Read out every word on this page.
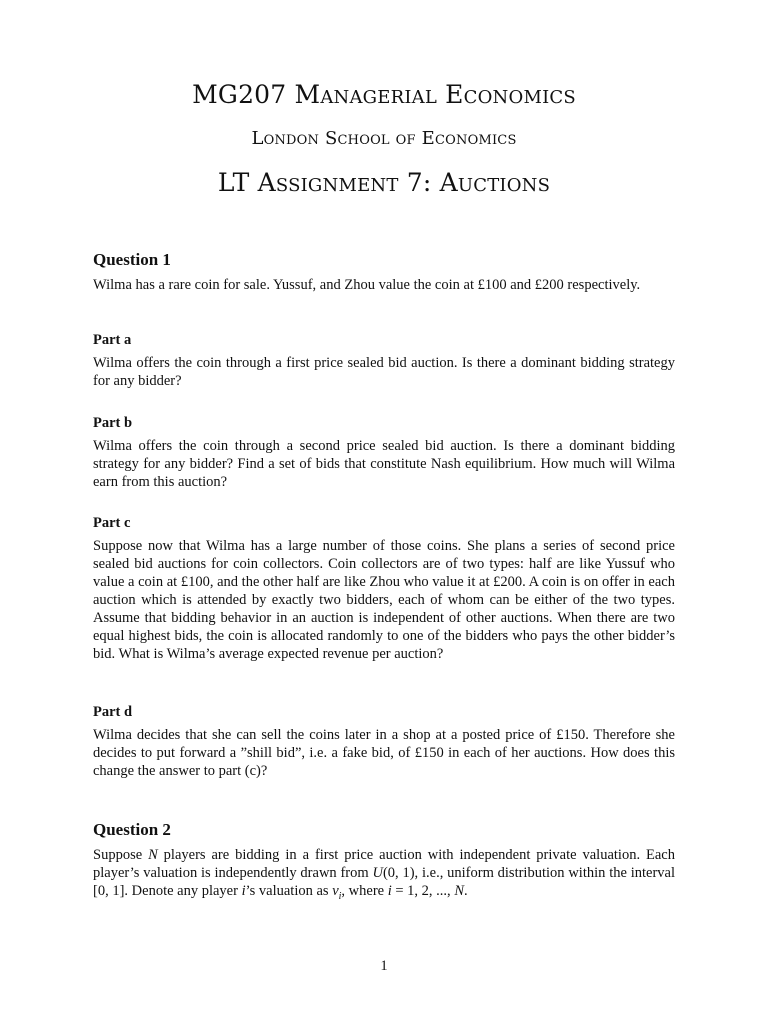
MG207 Managerial Economics
London School of Economics
LT Assignment 7: Auctions
Question 1

Wilma has a rare coin for sale. Yussuf, and Zhou value the coin at £100 and £200 respectively.

Part a

Wilma offers the coin through a first price sealed bid auction. Is there a dominant bidding strategy for any bidder?

Part b

Wilma offers the coin through a second price sealed bid auction. Is there a dominant bidding strategy for any bidder? Find a set of bids that constitute Nash equilibrium. How much will Wilma earn from this auction?

Part c

Suppose now that Wilma has a large number of those coins. She plans a series of second price sealed bid auctions for coin collectors. Coin collectors are of two types: half are like Yussuf who value a coin at £100, and the other half are like Zhou who value it at £200. A coin is on offer in each auction which is attended by exactly two bidders, each of whom can be either of the two types. Assume that bidding behavior in an auction is independent of other auctions. When there are two equal highest bids, the coin is allocated randomly to one of the bidders who pays the other bidder’s bid. What is Wilma’s average expected revenue per auction?

Part d

Wilma decides that she can sell the coins later in a shop at a posted price of £150. Therefore she decides to put forward a ”shill bid”, i.e. a fake bid, of £150 in each of her auctions. How does this change the answer to part (c)?

Question 2

Suppose N players are bidding in a first price auction with independent private valuation. Each player’s valuation is independently drawn from U(0, 1), i.e., uniform distribution within the interval [0, 1]. Denote any player i’s valuation as $v_i$, where i = 1, 2, ..., N.

1
